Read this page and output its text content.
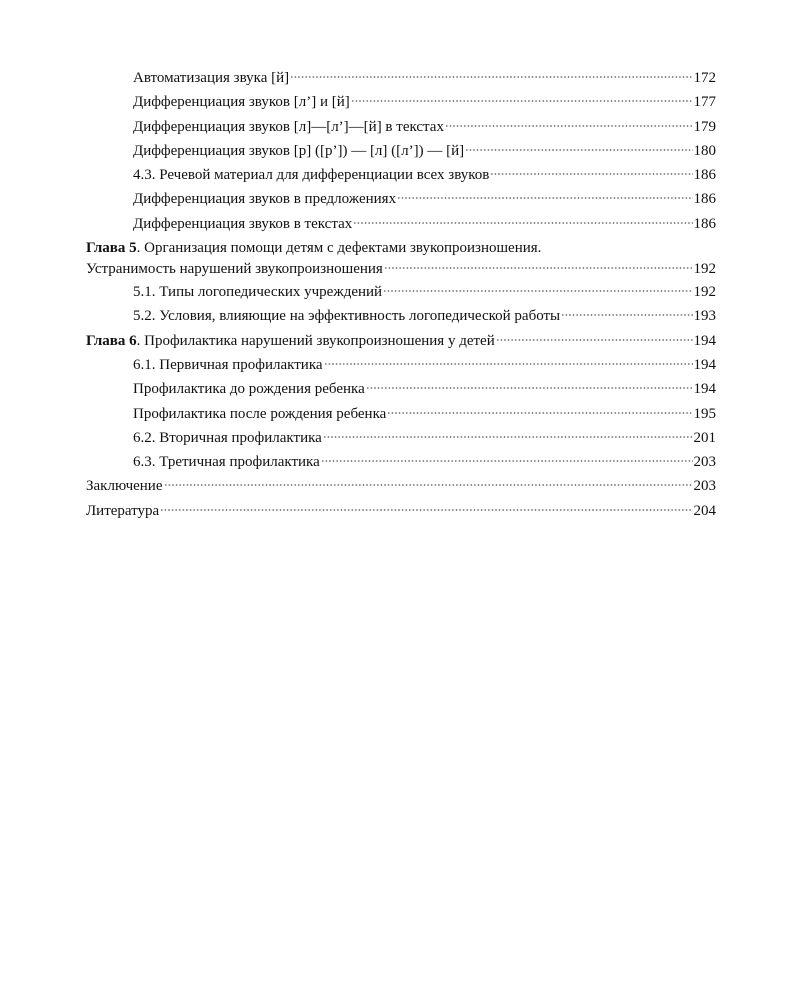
Автоматизация звука [й]	172
Дифференциация звуков [л’] и [й]	177
Дифференциация звуков [л]—[л’]—[й] в текстах	179
Дифференциация звуков [р] ([р’]) — [л] ([л’]) — [й]	180
4.3. Речевой материал для дифференциации всех звуков	186
Дифференциация звуков в предложениях	186
Дифференциация звуков в текстах	186
Глава 5. Организация помощи детям с дефектами звукопроизношения.
Устранимость нарушений звукопроизношения	192
5.1. Типы логопедических учреждений	192
5.2. Условия, влияющие на эффективность логопедической работы	193
Глава 6. Профилактика нарушений звукопроизношения у детей	194
6.1. Первичная профилактика	194
Профилактика до рождения ребенка	194
Профилактика после рождения ребенка	195
6.2. Вторичная профилактика	201
6.3. Третичная профилактика	203
Заключение	203
Литература	204
